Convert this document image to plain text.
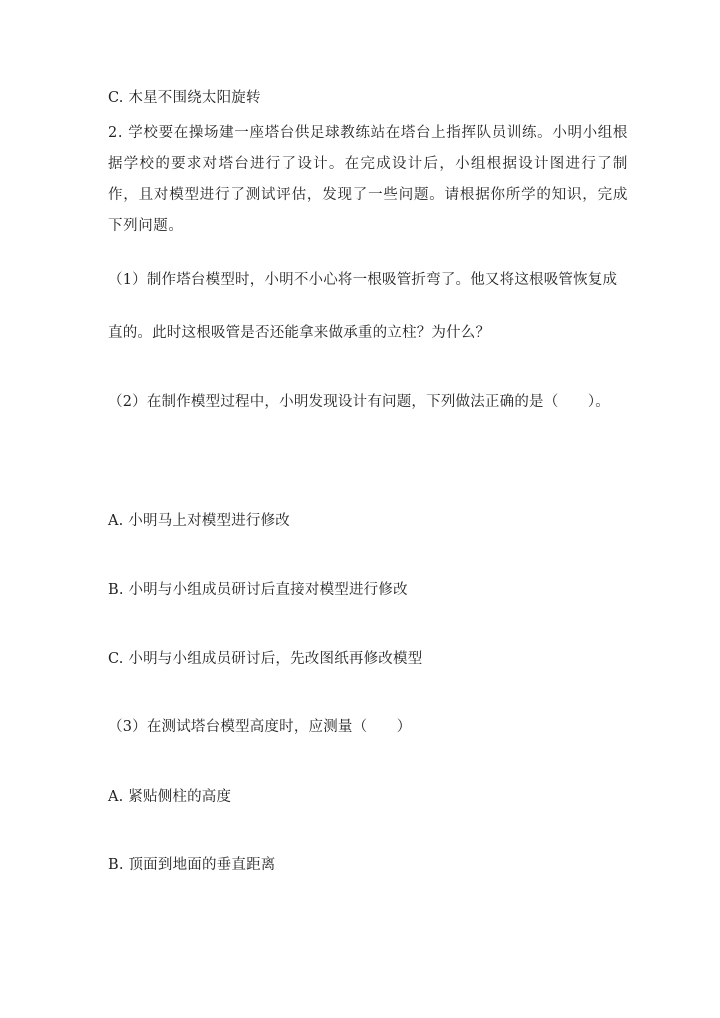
C. 木星不围绕太阳旋转
2. 学校要在操场建一座塔台供足球教练站在塔台上指挥队员训练。小明小组根据学校的要求对塔台进行了设计。在完成设计后，小组根据设计图进行了制作，且对模型进行了测试评估，发现了一些问题。请根据你所学的知识，完成下列问题。
（1）制作塔台模型时，小明不小心将一根吸管折弯了。他又将这根吸管恢复成
直的。此时这根吸管是否还能拿来做承重的立柱？为什么？
（2）在制作模型过程中，小明发现设计有问题，下列做法正确的是（　　）。
A. 小明马上对模型进行修改
B. 小明与小组成员研讨后直接对模型进行修改
C. 小明与小组成员研讨后，先改图纸再修改模型
（3）在测试塔台模型高度时，应测量（　　）
A. 紧贴侧柱的高度
B. 顶面到地面的垂直距离
